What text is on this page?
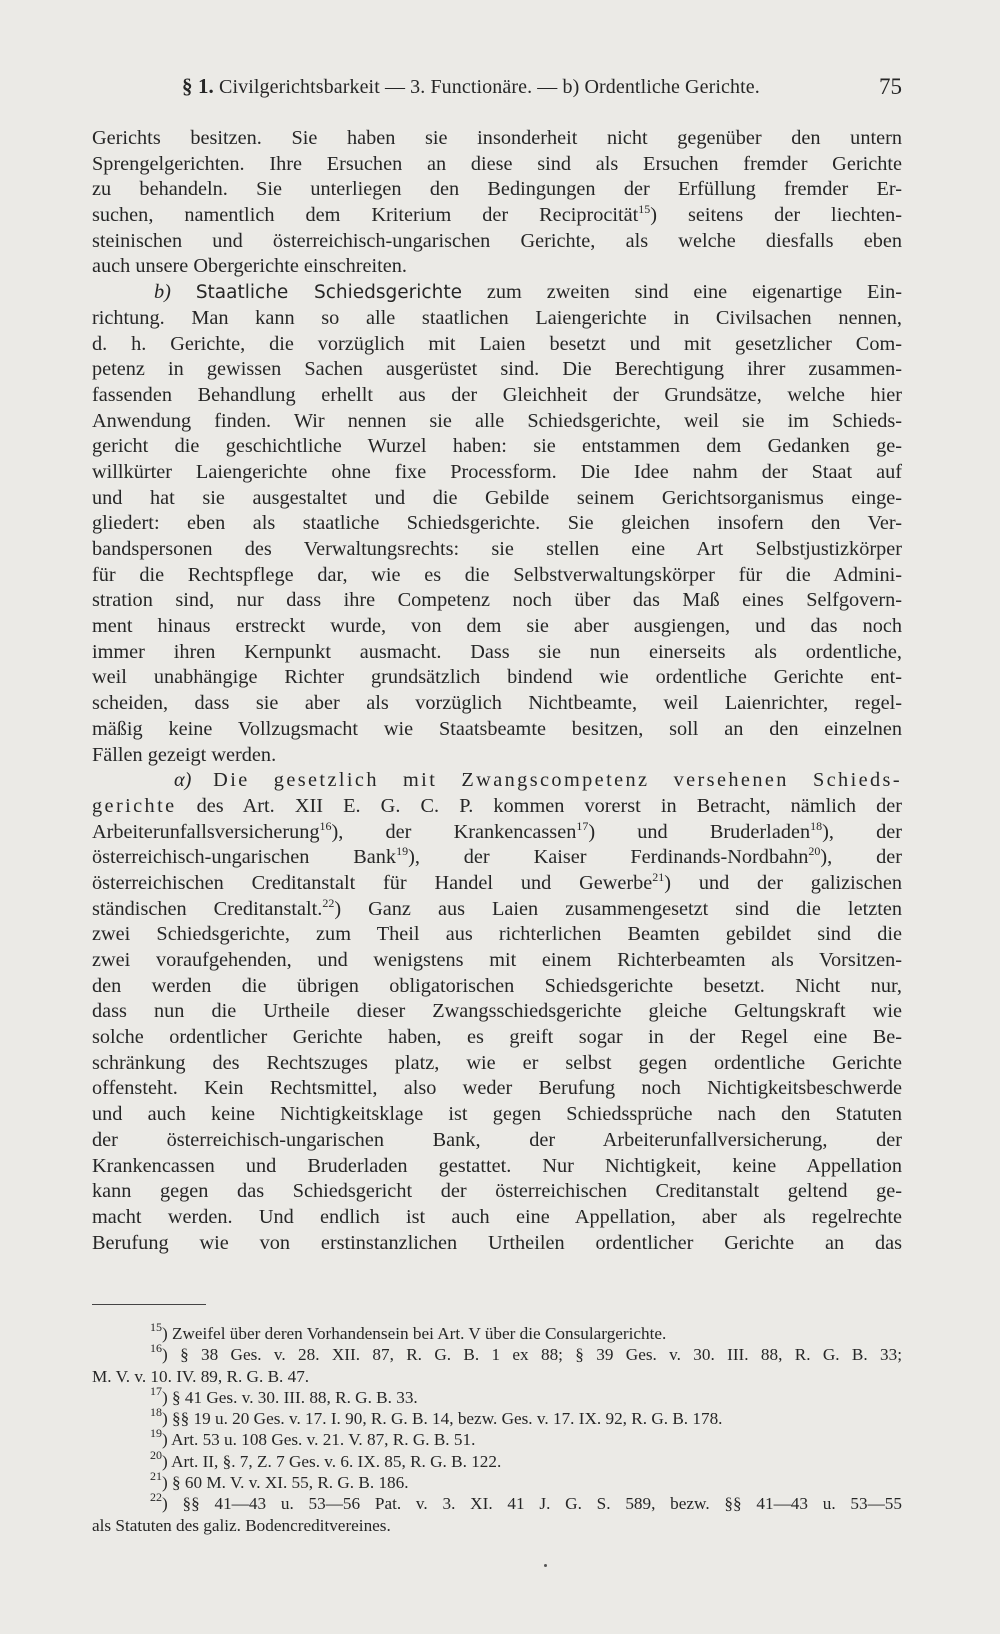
§ 1. Civilgerichtsbarkeit — 3. Functionäre. — b) Ordentliche Gerichte.	75
Gerichts besitzen. Sie haben sie insonderheit nicht gegenüber den untern
Sprengelgerichten. Ihre Ersuchen an diese sind als Ersuchen fremder Gerichte
zu behandeln. Sie unterliegen den Bedingungen der Erfüllung fremder Er-
suchen, namentlich dem Kriterium der Reciprocität$^{15}$) seitens der liechten-
steinischen und österreichisch-ungarischen Gerichte, als welche diesfalls eben
auch unsere Obergerichte einschreiten.
b) Staatliche Schiedsgerichte zum zweiten sind eine eigenartige Ein-
richtung. Man kann so alle staatlichen Laiengerichte in Civilsachen nennen,
d. h. Gerichte, die vorzüglich mit Laien besetzt und mit gesetzlicher Com-
petenz in gewissen Sachen ausgerüstet sind. Die Berechtigung ihrer zusammen-
fassenden Behandlung erhellt aus der Gleichheit der Grundsätze, welche hier
Anwendung finden. Wir nennen sie alle Schiedsgerichte, weil sie im Schieds-
gericht die geschichtliche Wurzel haben: sie entstammen dem Gedanken ge-
willkürter Laiengerichte ohne fixe Processform. Die Idee nahm der Staat auf
und hat sie ausgestaltet und die Gebilde seinem Gerichtsorganismus einge-
gliedert: eben als staatliche Schiedsgerichte. Sie gleichen insofern den Ver-
bandspersonen des Verwaltungsrechts: sie stellen eine Art Selbstjustizkörper
für die Rechtspflege dar, wie es die Selbstverwaltungskörper für die Admini-
stration sind, nur dass ihre Competenz noch über das Maß eines Selfgovern-
ment hinaus erstreckt wurde, von dem sie aber ausgiengen, und das noch
immer ihren Kernpunkt ausmacht. Dass sie nun einerseits als ordentliche,
weil unabhängige Richter grundsätzlich bindend wie ordentliche Gerichte ent-
scheiden, dass sie aber als vorzüglich Nichtbeamte, weil Laienrichter, regel-
mäßig keine Vollzugsmacht wie Staatsbeamte besitzen, soll an den einzelnen
Fällen gezeigt werden.
α) Die gesetzlich mit Zwangscompetenz versehenen Schieds-
gerichte des Art. XII E. G. C. P. kommen vorerst in Betracht, nämlich der
Arbeiterunfallsversicherung$^{16}$), der Krankencassen$^{17}$) und Bruderladen$^{18}$), der
österreichisch-ungarischen Bank$^{19}$), der Kaiser Ferdinands-Nordbahn$^{20}$), der
österreichischen Creditanstalt für Handel und Gewerbe$^{21}$) und der galizischen
ständischen Creditanstalt.$^{22}$) Ganz aus Laien zusammengesetzt sind die letzten
zwei Schiedsgerichte, zum Theil aus richterlichen Beamten gebildet sind die
zwei voraufgehenden, und wenigstens mit einem Richterbeamten als Vorsitzen-
den werden die übrigen obligatorischen Schiedsgerichte besetzt. Nicht nur,
dass nun die Urtheile dieser Zwangsschiedsgerichte gleiche Geltungskraft wie
solche ordentlicher Gerichte haben, es greift sogar in der Regel eine Be-
schränkung des Rechtszuges platz, wie er selbst gegen ordentliche Gerichte
offensteht. Kein Rechtsmittel, also weder Berufung noch Nichtigkeitsbeschwerde
und auch keine Nichtigkeitsklage ist gegen Schiedssprüche nach den Statuten
der österreichisch-ungarischen Bank, der Arbeiterunfallversicherung, der
Krankencassen und Bruderladen gestattet. Nur Nichtigkeit, keine Appellation
kann gegen das Schiedsgericht der österreichischen Creditanstalt geltend ge-
macht werden. Und endlich ist auch eine Appellation, aber als regelrechte
Berufung wie von erstinstanzlichen Urtheilen ordentlicher Gerichte an das
$^{15}$) Zweifel über deren Vorhandensein bei Art. V über die Consulargerichte.
$^{16}$) § 38 Ges. v. 28. XII. 87, R. G. B. 1 ex 88; § 39 Ges. v. 30. III. 88, R. G. B. 33;
M. V. v. 10. IV. 89, R. G. B. 47.
$^{17}$) § 41 Ges. v. 30. III. 88, R. G. B. 33.
$^{18}$) §§ 19 u. 20 Ges. v. 17. I. 90, R. G. B. 14, bezw. Ges. v. 17. IX. 92, R. G. B. 178.
$^{19}$) Art. 53 u. 108 Ges. v. 21. V. 87, R. G. B. 51.
$^{20}$) Art. II, §. 7, Z. 7 Ges. v. 6. IX. 85, R. G. B. 122.
$^{21}$) § 60 M. V. v. XI. 55, R. G. B. 186.
$^{22}$) §§ 41—43 u. 53—56 Pat. v. 3. XI. 41 J. G. S. 589, bezw. §§ 41—43 u. 53—55
als Statuten des galiz. Bodencreditvereines.
